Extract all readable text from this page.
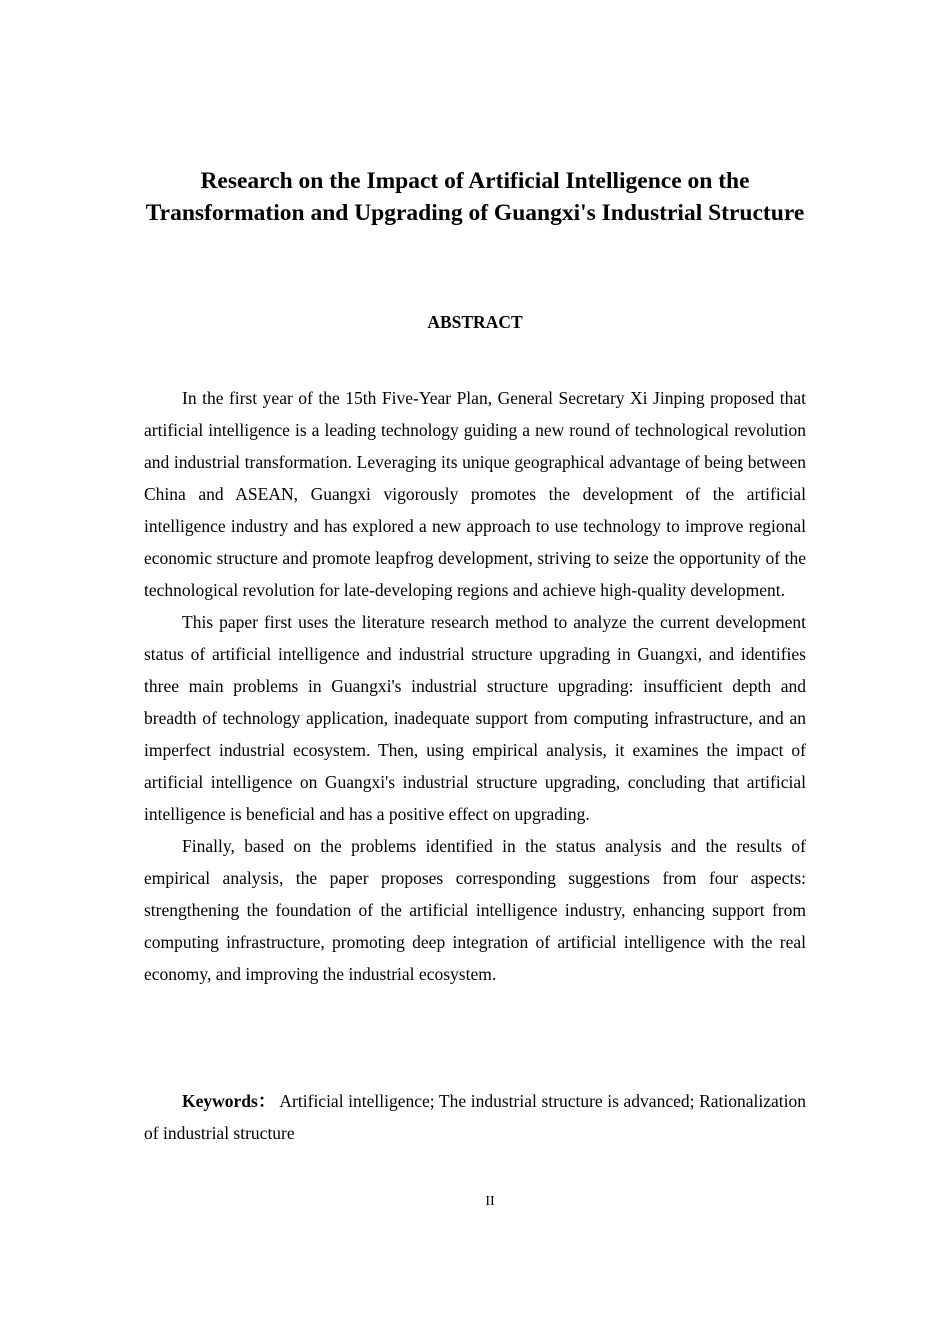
Research on the Impact of Artificial Intelligence on the Transformation and Upgrading of Guangxi's Industrial Structure
ABSTRACT

In the first year of the 15th Five-Year Plan, General Secretary Xi Jinping proposed that artificial intelligence is a leading technology guiding a new round of technological revolution and industrial transformation. Leveraging its unique geographical advantage of being between China and ASEAN, Guangxi vigorously promotes the development of the artificial intelligence industry and has explored a new approach to use technology to improve regional economic structure and promote leapfrog development, striving to seize the opportunity of the technological revolution for late-developing regions and achieve high-quality development.

This paper first uses the literature research method to analyze the current development status of artificial intelligence and industrial structure upgrading in Guangxi, and identifies three main problems in Guangxi's industrial structure upgrading: insufficient depth and breadth of technology application, inadequate support from computing infrastructure, and an imperfect industrial ecosystem. Then, using empirical analysis, it examines the impact of artificial intelligence on Guangxi's industrial structure upgrading, concluding that artificial intelligence is beneficial and has a positive effect on upgrading.

Finally, based on the problems identified in the status analysis and the results of empirical analysis, the paper proposes corresponding suggestions from four aspects: strengthening the foundation of the artificial intelligence industry, enhancing support from computing infrastructure, promoting deep integration of artificial intelligence with the real economy, and improving the industrial ecosystem.

Keywords： Artificial intelligence; The industrial structure is advanced; Rationalization of industrial structure

II
